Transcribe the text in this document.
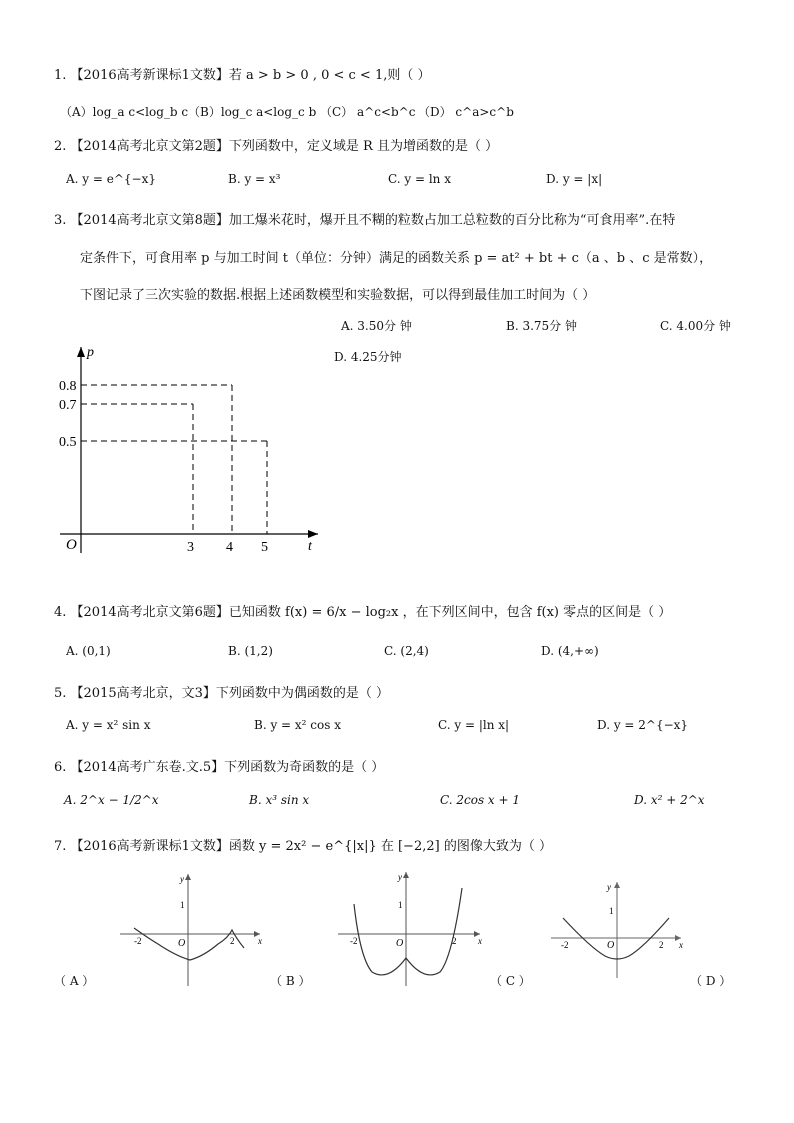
1. 【2016高考新课标1文数】若 a > b > 0 , 0 < c < 1,则（ ）
（A）log_a c<log_b c （B）log_c a<log_c b （C） a^c<b^c （D） c^a>c^b
2. 【2014高考北京文第2题】下列函数中，定义域是 R 且为增函数的是（ ）
A. y = e^{−x}	B. y = x³	C. y = ln x	D. y = |x|
3. 【2014高考北京文第8题】加工爆米花时，爆开且不糊的粒数占加工总粒数的百分比称为“可食用率”.在特
定条件下，可食用率 p 与加工时间 t（单位：分钟）满足的函数关系 p = at² + bt + c（a 、b 、c 是常数），
下图记录了三次实验的数据.根据上述函数模型和实验数据，可以得到最佳加工时间为（ ）
A. 3.50分 钟	B. 3.75分 钟	C. 4.00分 钟
D. 4.25分钟
p
t
O
0.8
0.7
0.5
3 4 5
4. 【2014高考北京文第6题】已知函数 f(x) = 6/x − log₂x ，在下列区间中，包含 f(x) 零点的区间是（ ）
A. (0,1)	B. (1,2)	C. (2,4)	D. (4,+∞)
5. 【2015高考北京，文3】下列函数中为偶函数的是（ ）
A. y = x² sin x	B. y = x² cos x	C. y = |ln x|	D. y = 2^{−x}
6. 【2014高考广东卷.文.5】下列函数为奇函数的是（ ）
A. 2^x − 1/2^x	B. x³ sin x	C. 2cos x + 1	D. x² + 2^x
7. 【2016高考新课标1文数】函数 y = 2x² − e^{|x|} 在 [−2,2] 的图像大致为（ ）
y
x
O
1
-2	2
y
x
O
1
-2	2
y
x
O
1
-2	2
（ A ）	（ B ）	（ C ）	（ D ）
